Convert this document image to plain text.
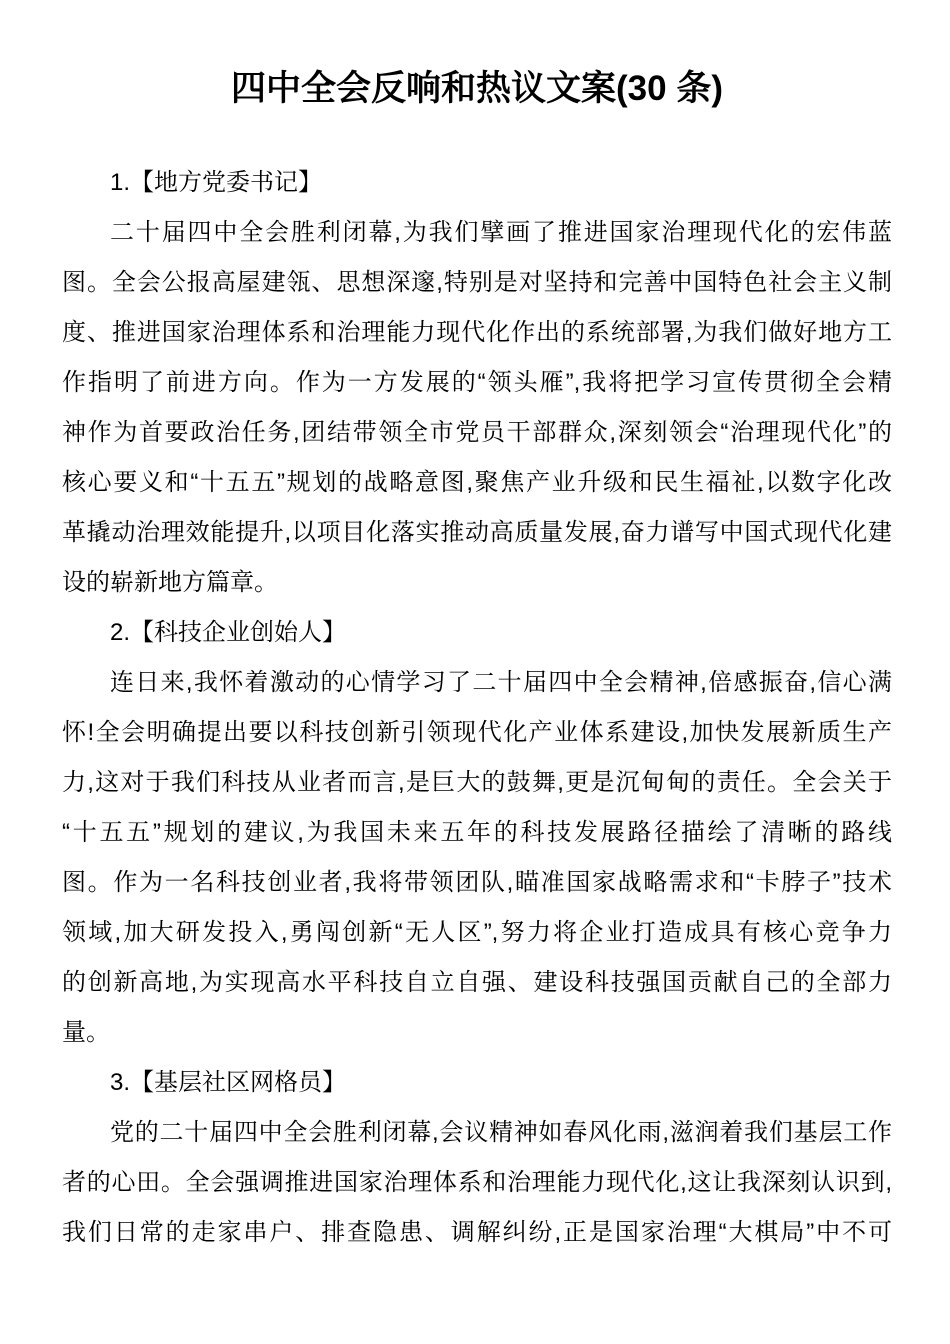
四中全会反响和热议文案(30 条)
1.【地方党委书记】
二十届四中全会胜利闭幕,为我们擘画了推进国家治理现代化的宏伟蓝
图。全会公报高屋建瓴、思想深邃,特别是对坚持和完善中国特色社会主义制
度、推进国家治理体系和治理能力现代化作出的系统部署,为我们做好地方工
作指明了前进方向。作为一方发展的“领头雁”,我将把学习宣传贯彻全会精
神作为首要政治任务,团结带领全市党员干部群众,深刻领会“治理现代化”的
核心要义和“十五五”规划的战略意图,聚焦产业升级和民生福祉,以数字化改
革撬动治理效能提升,以项目化落实推动高质量发展,奋力谱写中国式现代化建
设的崭新地方篇章。
2.【科技企业创始人】
连日来,我怀着激动的心情学习了二十届四中全会精神,倍感振奋,信心满
怀!全会明确提出要以科技创新引领现代化产业体系建设,加快发展新质生产
力,这对于我们科技从业者而言,是巨大的鼓舞,更是沉甸甸的责任。全会关于
“十五五”规划的建议,为我国未来五年的科技发展路径描绘了清晰的路线
图。作为一名科技创业者,我将带领团队,瞄准国家战略需求和“卡脖子”技术
领域,加大研发投入,勇闯创新“无人区”,努力将企业打造成具有核心竞争力
的创新高地,为实现高水平科技自立自强、建设科技强国贡献自己的全部力
量。
3.【基层社区网格员】
党的二十届四中全会胜利闭幕,会议精神如春风化雨,滋润着我们基层工作
者的心田。全会强调推进国家治理体系和治理能力现代化,这让我深刻认识到,
我们日常的走家串户、排查隐患、调解纠纷,正是国家治理“大棋局”中不可
